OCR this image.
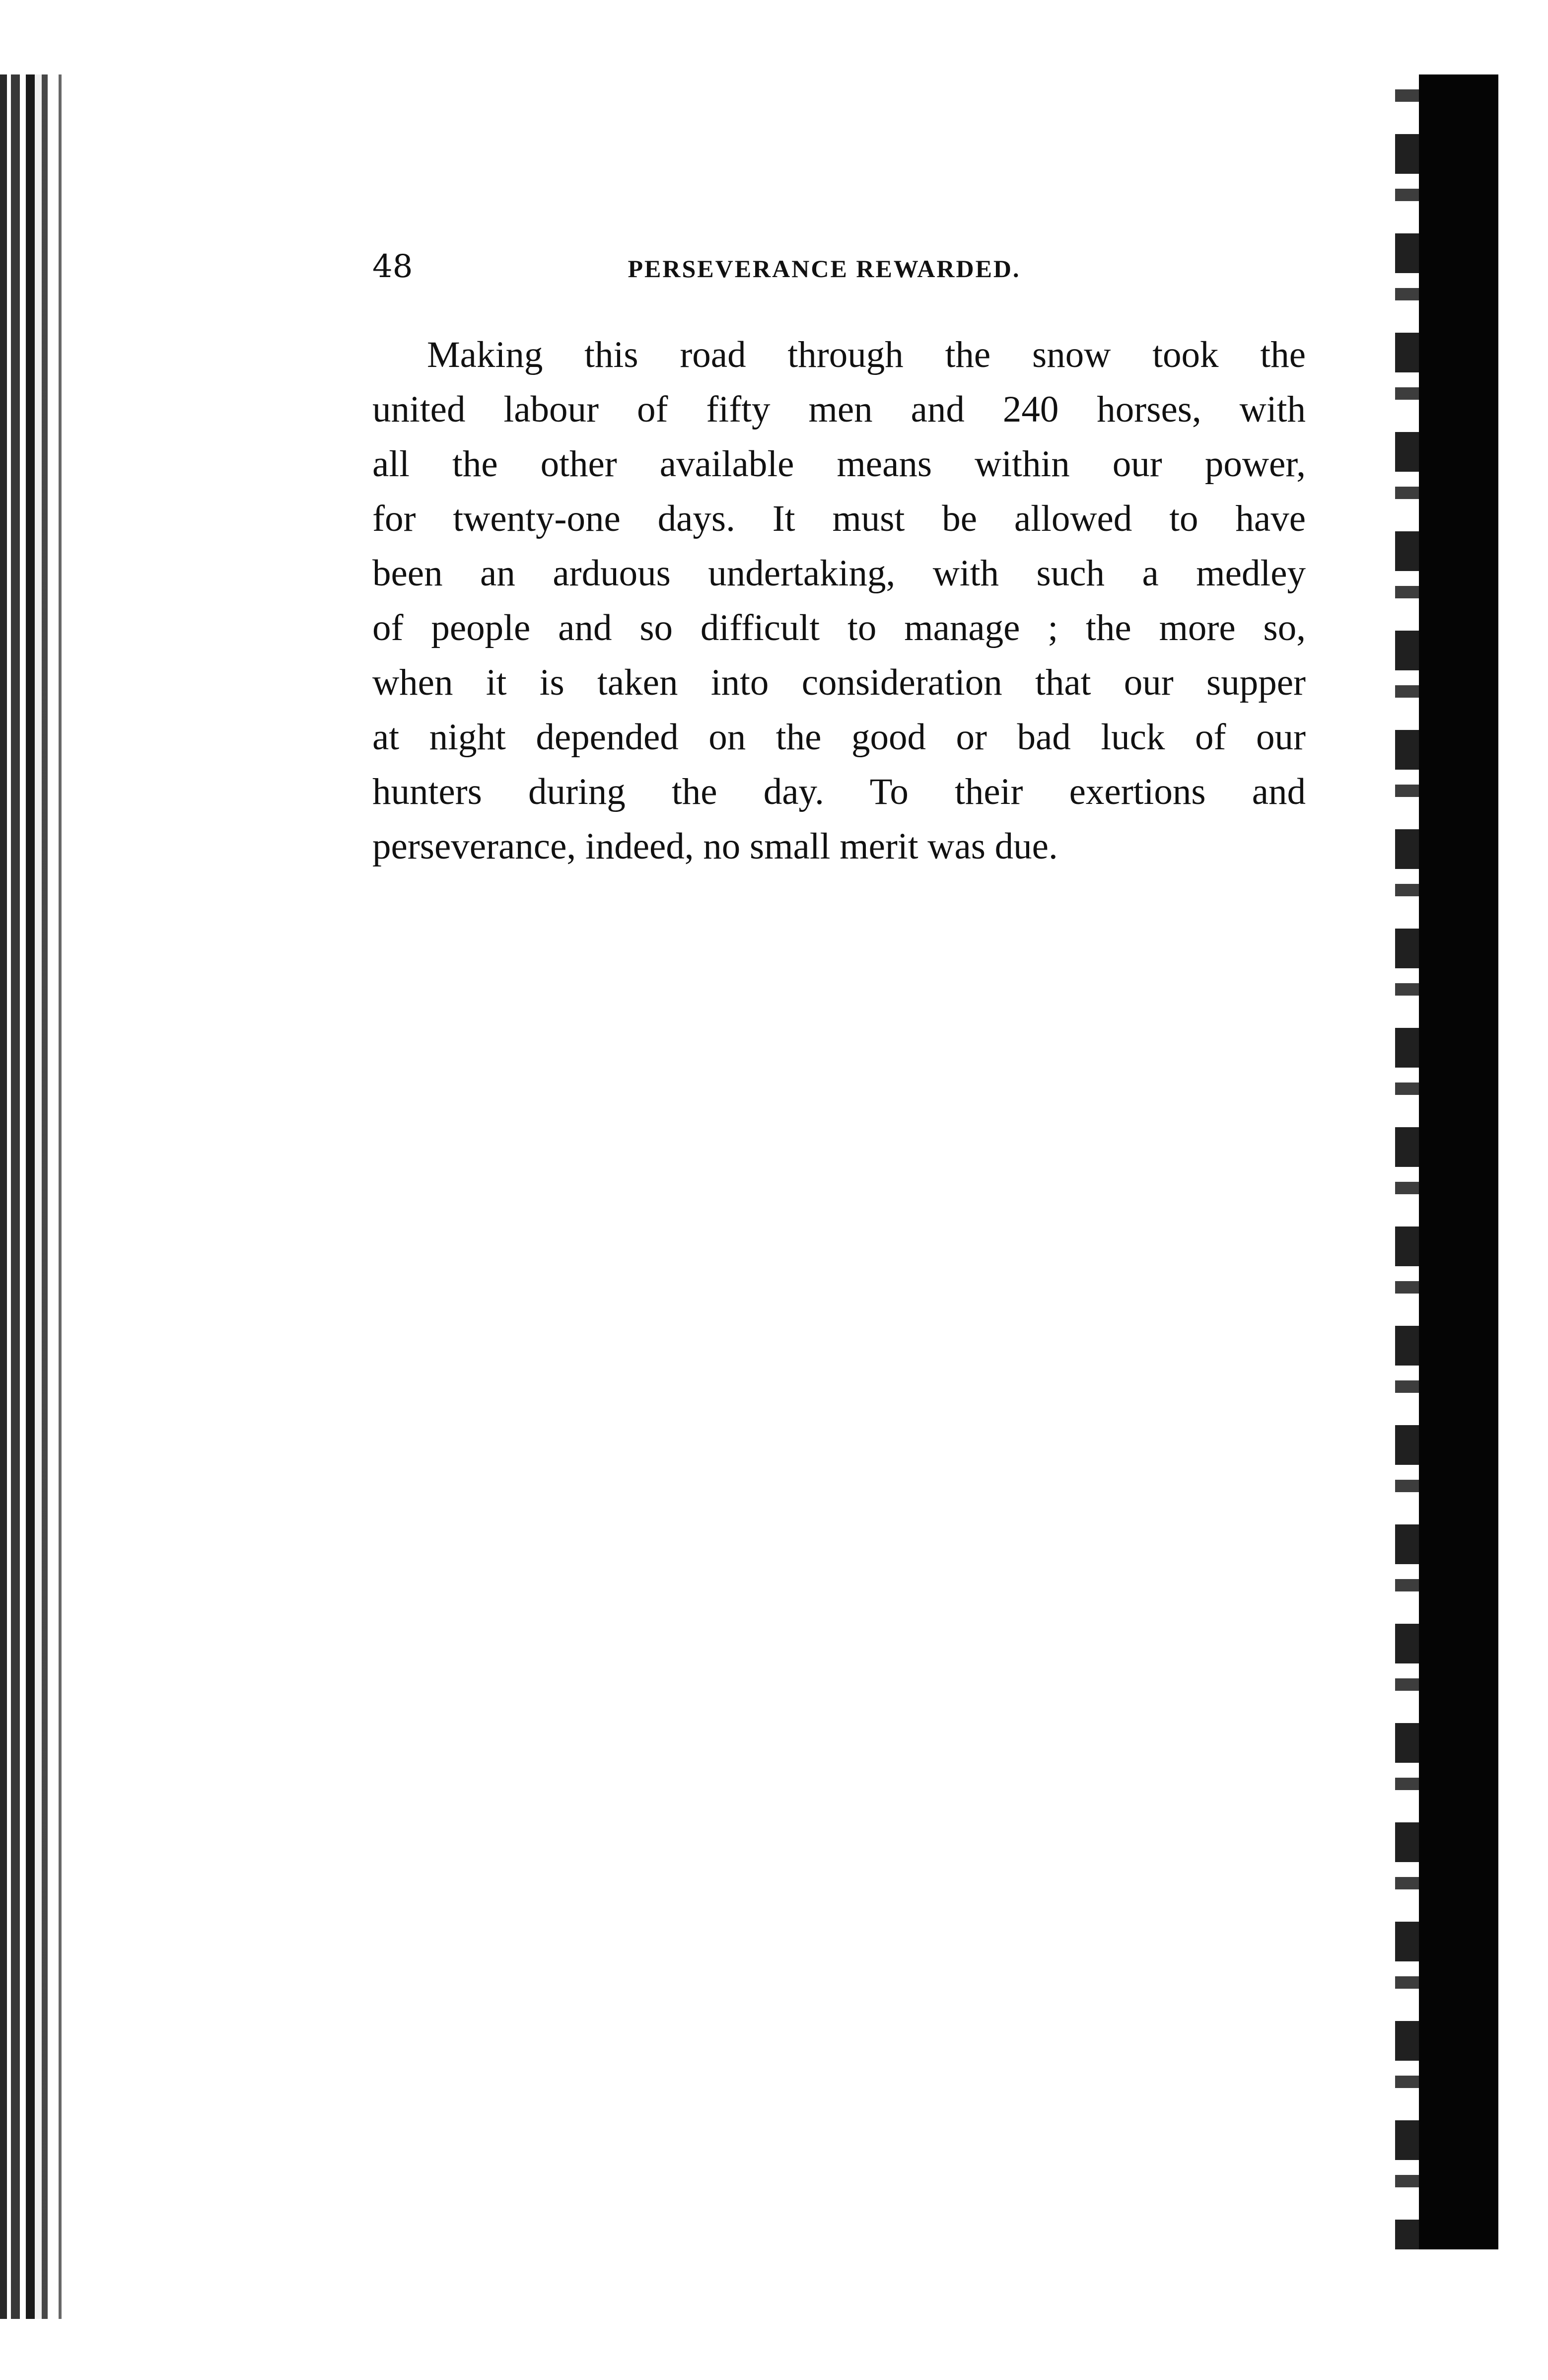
48	PERSEVERANCE REWARDED.
Making this road through the snow took the
united labour of fifty men and 240 horses, with
all the other available means within our power,
for twenty-one days. It must be allowed to have
been an arduous undertaking, with such a medley
of people and so difficult to manage ; the more so,
when it is taken into consideration that our supper
at night depended on the good or bad luck of our
hunters during the day. To their exertions and
perseverance, indeed, no small merit was due.
